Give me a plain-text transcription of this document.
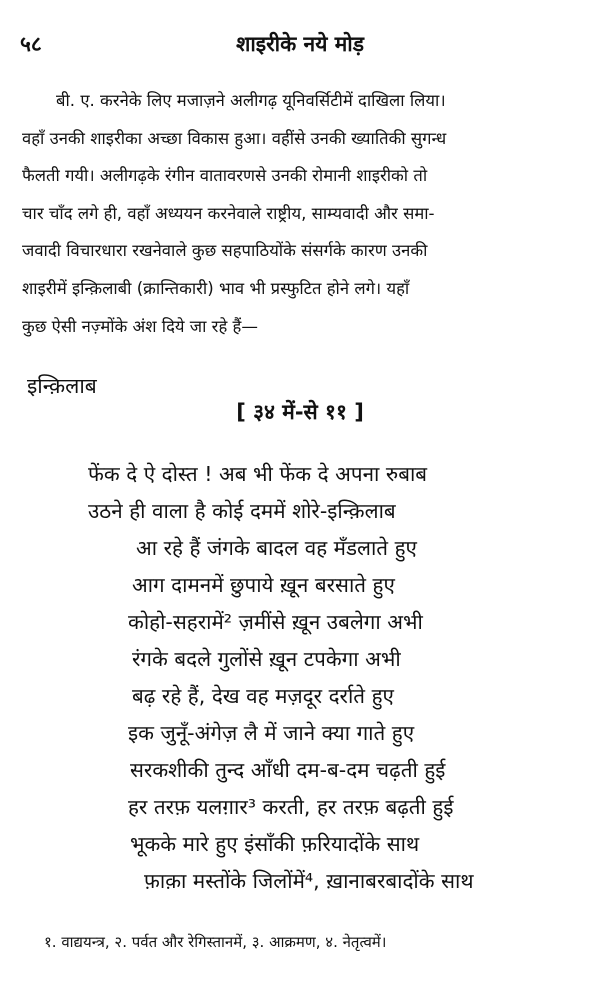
५८	शाइरीके नये मोड़
बी. ए. करनेके लिए मजाज़ने अलीगढ़ यूनिवर्सिटीमें दाखिला लिया।
वहाँ उनकी शाइरीका अच्छा विकास हुआ। वहींसे उनकी ख्यातिकी सुगन्ध
फैलती गयी। अलीगढ़के रंगीन वातावरणसे उनकी रोमानी शाइरीको तो
चार चाँद लगे ही, वहाँ अध्ययन करनेवाले राष्ट्रीय, साम्यवादी और समा-
जवादी विचारधारा रखनेवाले कुछ सहपाठियोंके संसर्गके कारण उनकी
शाइरीमें इन्क़िलाबी (क्रान्तिकारी) भाव भी प्रस्फुटित होने लगे। यहाँ
कुछ ऐसी नज़्मोंके अंश दिये जा रहे हैं—
इन्क़िलाब
[ ३४ में-से ११ ]
फेंक दे ऐ दोस्त ! अब भी फेंक दे अपना रुबाब
उठने ही वाला है कोई दममें शोरे-इन्क़िलाब
आ रहे हैं जंगके बादल वह मँडलाते हुए
आग दामनमें छुपाये ख़ून बरसाते हुए
कोहो-सहरामें² ज़मींसे ख़ून उबलेगा अभी
रंगके बदले गुलोंसे ख़ून टपकेगा अभी
बढ़ रहे हैं, देख वह मज़दूर दर्राते हुए
इक जुनूँ-अंगेज़ लै में जाने क्या गाते हुए
सरकशीकी तुन्द आँधी दम-ब-दम चढ़ती हुई
हर तरफ़ यलग़ार³ करती, हर तरफ़ बढ़ती हुई
भूकके मारे हुए इंसाँकी फ़रियादोंके साथ
फ़ाक़ा मस्तोंके जिलोंमें⁴, ख़ानाबरबादोंके साथ
१. वाद्ययन्त्र, २. पर्वत और रेगिस्तानमें, ३. आक्रमण, ४. नेतृत्वमें।
